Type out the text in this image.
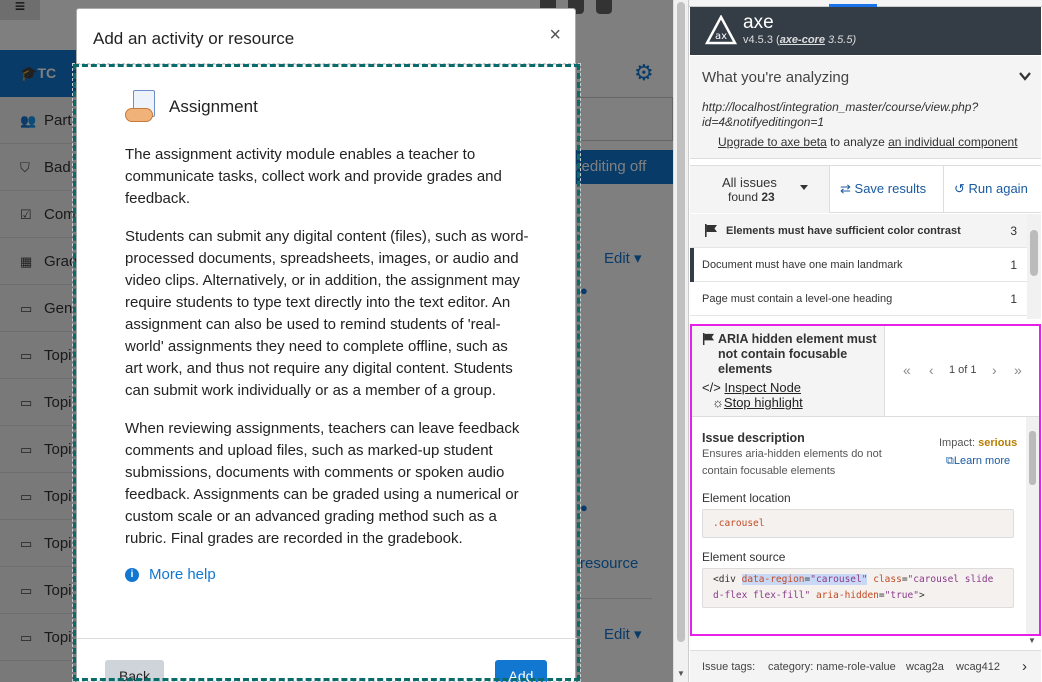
▼
Add an activity or resource	×
Assignment

The assignment activity module enables a teacher to communicate tasks, collect work and provide grades and feedback.

Students can submit any digital content (files), such as word-processed documents, spreadsheets, images, or audio and video clips. Alternatively, or in addition, the assignment may require students to type text directly into the text editor. An assignment can also be used to remind students of 'real-world' assignments they need to complete offline, such as art work, and thus not require any digital content. Students can submit work individually or as a member of a group.

When reviewing assignments, teachers can leave feedback comments and upload files, such as marked-up student submissions, documents with comments or spoken audio feedback. Assignments can be graded using a numerical or custom scale or an advanced grading method such as a rubric. Final grades are recorded in the gradebook.

i	More help
Back	Add
ax
axe
v4.5.3 (axe-core 3.5.5)
What you're analyzing
http://localhost/integration_master/course/view.php?id=4&notifyeditingon=1
Upgrade to axe beta to analyze an individual component
All issues
found 23
⇄ Save results ↺ Run again
Elements must have sufficient color contrast	3
Document must have one main landmark	1
Page must contain a level-one heading	1
ARIA hidden element must not contain focusable elements
</> Inspect Node
☼Stop highlight
« ‹ 1 of 1 › »
Issue description
Ensures aria-hidden elements do not contain focusable elements
Impact: serious
⧉Learn more
Element location
.carousel
Element source
<div data-region="carousel" class="carousel slide d-flex flex-fill" aria-hidden="true">
▼
Issue tags: category: name-role-value wcag2a wcag412 ›
